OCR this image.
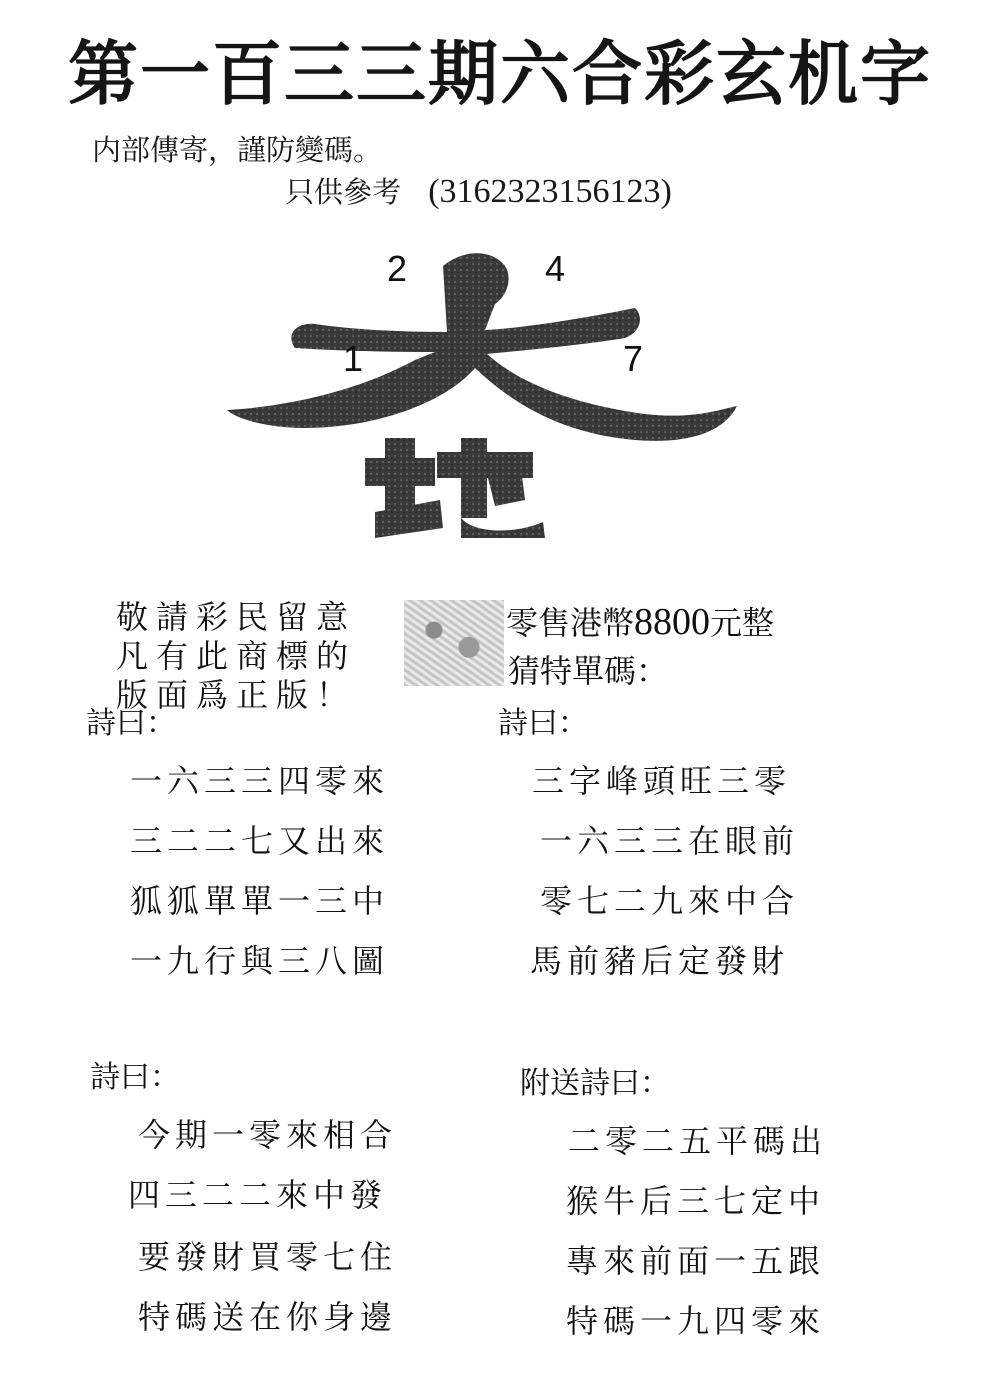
第一百三三期六合彩玄机字
内部傳寄，謹防變碼。
只供參考 (3162323156123)
2	4
1	7
敬請彩民留意
凡有此商標的
版面爲正版！
零售港幣8800元整
猜特單碼：
詩曰：
一六三三四零來
三二二七又出來
狐狐單單一三中
一九行與三八圖
詩曰：
三字峰頭旺三零
一六三三在眼前
零七二九來中合
馬前豬后定發財
詩曰：
今期一零來相合
四三二二來中發
要發財買零七住
特碼送在你身邊
附送詩曰：
二零二五平碼出
猴牛后三七定中
專來前面一五跟
特碼一九四零來
